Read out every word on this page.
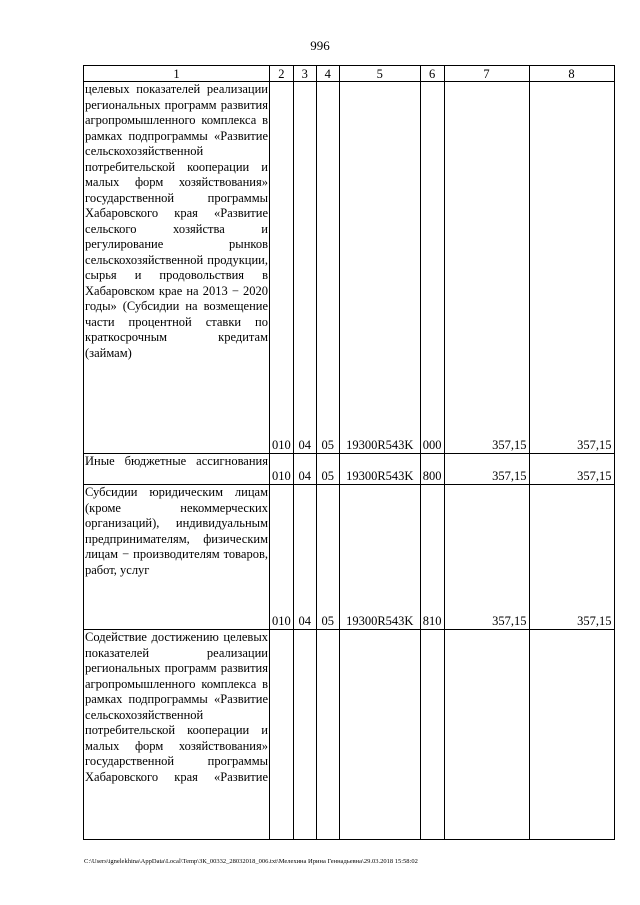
996
1	2	3	4	5	6	7	8
целевых показателей реализации региональных программ развития агропромышленного комплекса в рамках подпрограммы «Развитие сельскохозяйственной потребительской кооперации и малых форм хозяйствования» государственной программы Хабаровского края «Развитие сельского хозяйства и регулирование рынков сельскохозяйственной продукции, сырья и продовольствия в Хабаровском крае на 2013 − 2020 годы» (Субсидии на возмещение части процентной ставки по краткосрочным кредитам (займам)	010	04	05	19300R543K	000	357,15	357,15
Иные бюджетные ассигнования	010	04	05	19300R543K	800	357,15	357,15
Субсидии юридическим лицам (кроме некоммерческих организаций), индивидуальным предпринимателям, физическим лицам − производителям товаров, работ, услуг	010	04	05	19300R543K	810	357,15	357,15
Содействие достижению целевых показателей реализации региональных программ развития агропромышленного комплекса в рамках подпрограммы «Развитие сельскохозяйственной потребительской кооперации и малых форм хозяйствования» государственной программы Хабаровского края «Развитие							
C:\Users\ignelekhina\AppData\Local\Temp\ЗК_00332_28032018_006.txt\Мелехина Ирина Геннадьевна\29.03.2018 15:58:02
